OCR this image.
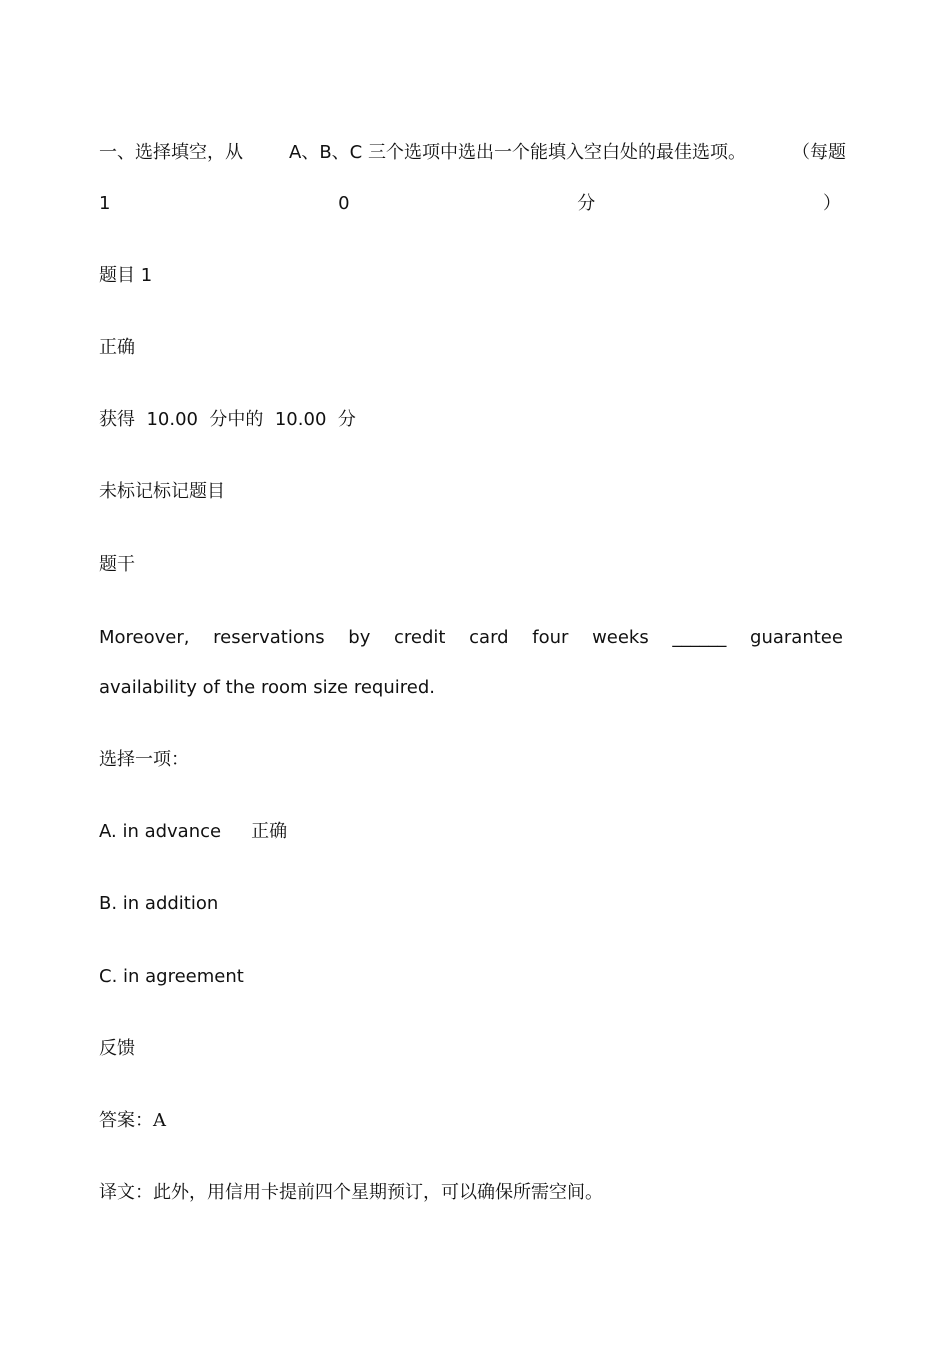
一、选择填空，从	A、B、C 三个选项中选出一个能填入空白处的最佳选项。	（每题
1	0	分	）
题目 1
正确
获得  10.00  分中的  10.00  分
未标记标记题目
题干
Moreover, reservations by credit card four weeks ______ guarantee
availability of the room size required.
选择一项：
A. in advance 正确
B. in addition
C. in agreement
反馈
答案：A
译文：此外，用信用卡提前四个星期预订，可以确保所需空间。
